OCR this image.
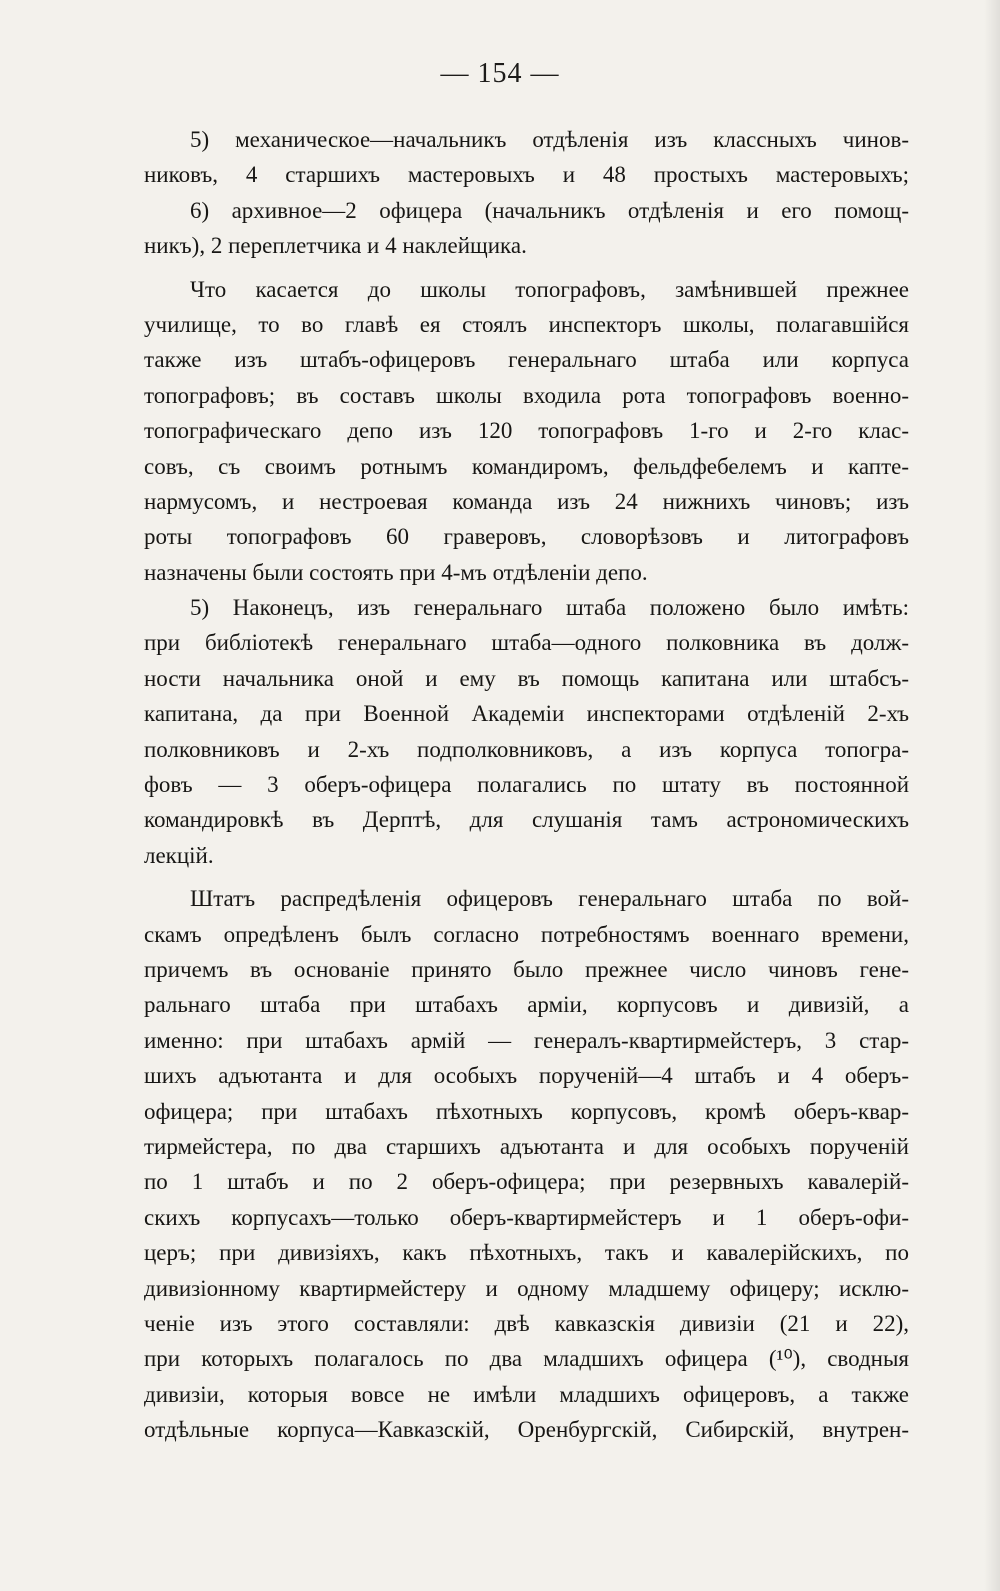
— 154 —
5) механическое—начальникъ отдѣленія изъ классныхъ чинов-
никовъ, 4 старшихъ мастеровыхъ и 48 простыхъ мастеровыхъ;
6) архивное—2 офицера (начальникъ отдѣленія и его помощ-
никъ), 2 переплетчика и 4 наклейщика.
Что касается до школы топографовъ, замѣнившей прежнее
училище, то во главѣ ея стоялъ инспекторъ школы, полагавшійся
также изъ штабъ-офицеровъ генеральнаго штаба или корпуса
топографовъ; въ составъ школы входила рота топографовъ военно-
топографическаго депо изъ 120 топографовъ 1-го и 2-го клас-
совъ, съ своимъ ротнымъ командиромъ, фельдфебелемъ и капте-
нармусомъ, и нестроевая команда изъ 24 нижнихъ чиновъ; изъ
роты топографовъ 60 граверовъ, словорѣзовъ и литографовъ
назначены были состоять при 4-мъ отдѣленіи депо.
5) Наконецъ, изъ генеральнаго штаба положено было имѣть:
при библіотекѣ генеральнаго штаба—одного полковника въ долж-
ности начальника оной и ему въ помощь капитана или штабсъ-
капитана, да при Военной Академіи инспекторами отдѣленій 2-хъ
полковниковъ и 2-хъ подполковниковъ, а изъ корпуса топогра-
фовъ — 3 оберъ-офицера полагались по штату въ постоянной
командировкѣ въ Дерптѣ, для слушанія тамъ астрономическихъ
лекцій.
Штатъ распредѣленія офицеровъ генеральнаго штаба по вой-
скамъ опредѣленъ былъ согласно потребностямъ военнаго времени,
причемъ въ основаніе принято было прежнее число чиновъ гене-
ральнаго штаба при штабахъ арміи, корпусовъ и дивизій, а
именно: при штабахъ армій — генералъ-квартирмейстеръ, 3 стар-
шихъ адъютанта и для особыхъ порученій—4 штабъ и 4 оберъ-
офицера; при штабахъ пѣхотныхъ корпусовъ, кромѣ оберъ-квар-
тирмейстера, по два старшихъ адъютанта и для особыхъ порученій
по 1 штабъ и по 2 оберъ-офицера; при резервныхъ кавалерій-
скихъ корпусахъ—только оберъ-квартирмейстеръ и 1 оберъ-офи-
церъ; при дивизіяхъ, какъ пѣхотныхъ, такъ и кавалерійскихъ, по
дивизіонному квартирмейстеру и одному младшему офицеру; исклю-
ченіе изъ этого составляли: двѣ кавказскія дивизіи (21 и 22),
при которыхъ полагалось по два младшихъ офицера (¹⁰), сводныя
дивизіи, которыя вовсе не имѣли младшихъ офицеровъ, а также
отдѣльные корпуса—Кавказскій, Оренбургскій, Сибирскій, внутрен-
